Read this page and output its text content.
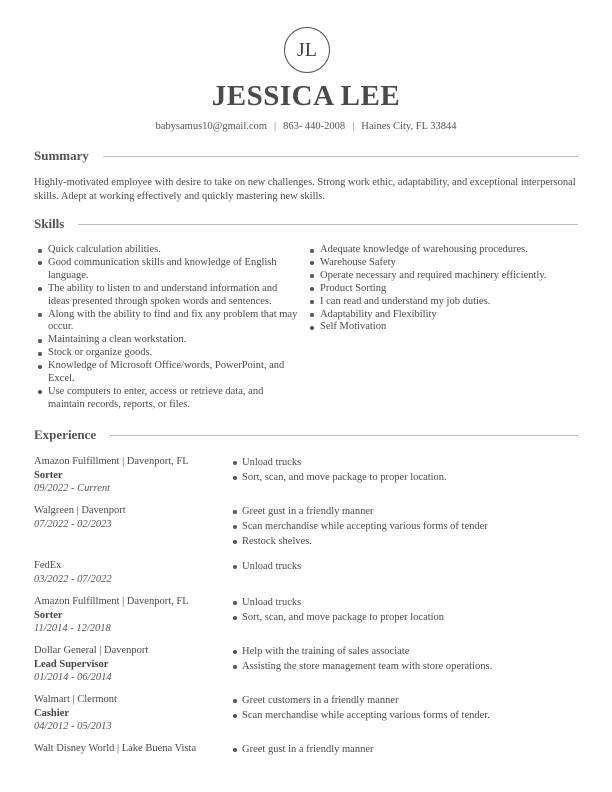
JL
JESSICA LEE
babysamus10@gmail.com | 863- 440-2008 | Haines City, FL 33844
Summary
Highly-motivated employee with desire to take on new challenges. Strong work ethic, adaptability, and exceptional interpersonal skills. Adept at working effectively and quickly mastering new skills.
Skills
Quick calculation abilities.
Good communication skills and knowledge of English language.
The ability to listen to and understand information and ideas presented through spoken words and sentences.
Along with the ability to find and fix any problem that may occur.
Maintaining a clean workstation.
Stock or organize goods.
Knowledge of Microsoft Office/words, PowerPoint, and Excel.
Use computers to enter, access or retrieve data, and maintain records, reports, or files.
Adequate knowledge of warehousing procedures.
Warehouse Safety
Operate necessary and required machinery efficiently.
Product Sorting
I can read and understand my job duties.
Adaptability and Flexibility
Self Motivation
Experience
Amazon Fulfillment | Davenport, FL
Sorter
09/2022 - Current
Unload trucks
Sort, scan, and move package to proper location.
Walgreen | Davenport
07/2022 - 02/2023
Greet gust in a friendly manner
Scan merchandise while accepting various forms of tender
Restock shelves.
FedEx
03/2022 - 07/2022
Unload trucks
Amazon Fulfillment | Davenport, FL
Sorter
11/2014 - 12/2018
Unload trucks
Sort, scan, and move package to proper location
Dollar General | Davenport
Lead Supervisor
01/2014 - 06/2014
Help with the training of sales associate
Assisting the store management team with store operations.
Walmart | Clermont
Cashier
04/2012 - 05/2013
Greet customers in a friendly manner
Scan merchandise while accepting various forms of tender.
Walt Disney World | Lake Buena Vista	Greet gust in a friendly manner
